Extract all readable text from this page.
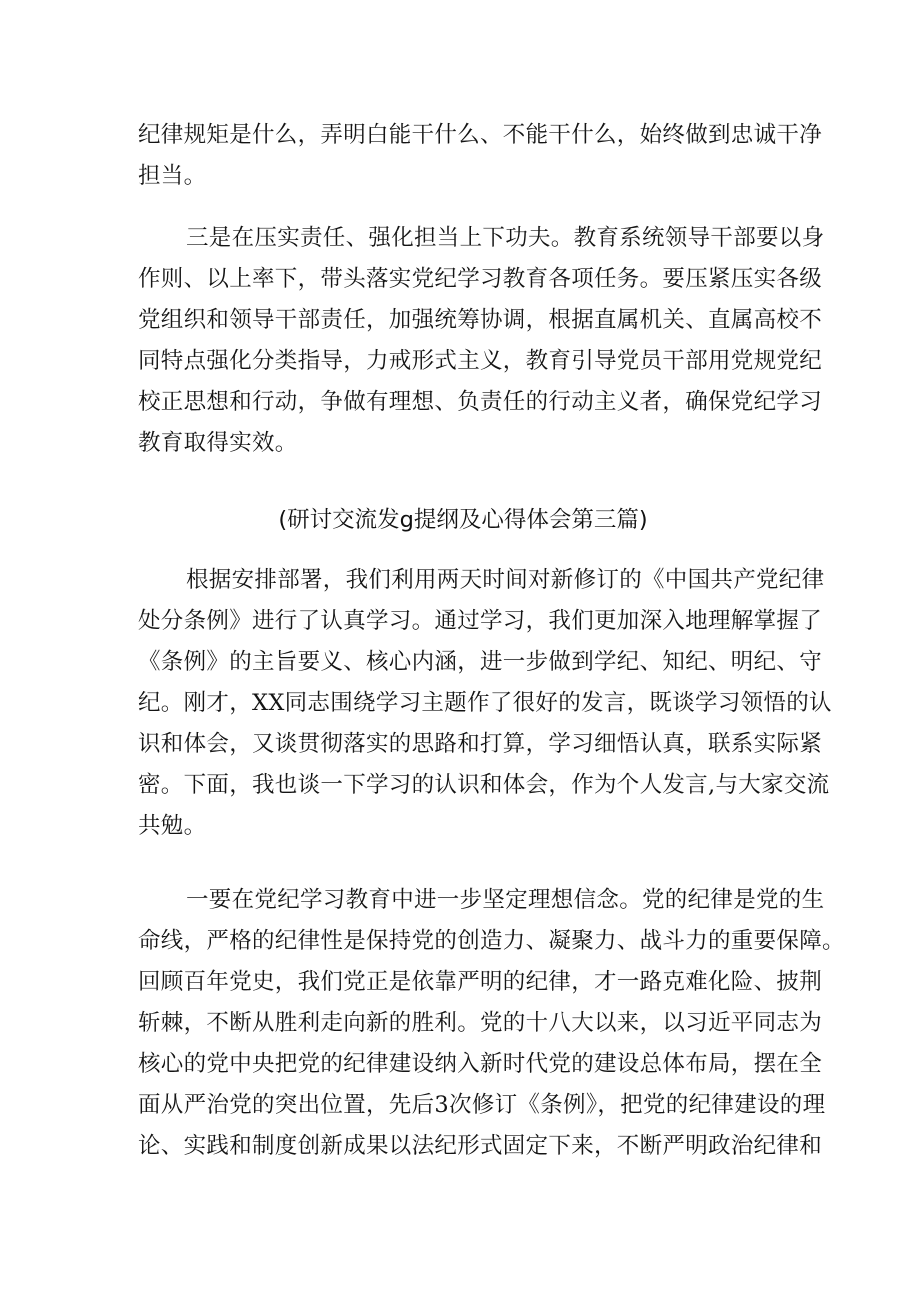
纪律规矩是什么，弄明白能干什么、不能干什么，始终做到忠诚干净
担当。
三是在压实责任、强化担当上下功夫。教育系统领导干部要以身
作则、以上率下，带头落实党纪学习教育各项任务。要压紧压实各级
党组织和领导干部责任，加强统筹协调，根据直属机关、直属高校不
同特点强化分类指导，力戒形式主义，教育引导党员干部用党规党纪
校正思想和行动，争做有理想、负责任的行动主义者，确保党纪学习
教育取得实效。
(研讨交流发g提纲及心得体会第三篇)
根据安排部署，我们利用两天时间对新修订的《中国共产党纪律
处分条例》进行了认真学习。通过学习，我们更加深入地理解掌握了
《条例》的主旨要义、核心内涵，进一步做到学纪、知纪、明纪、守
纪。刚才，XX同志围绕学习主题作了很好的发言，既谈学习领悟的认
识和体会，又谈贯彻落实的思路和打算，学习细悟认真，联系实际紧
密。下面，我也谈一下学习的认识和体会，作为个人发言,与大家交流
共勉。
一要在党纪学习教育中进一步坚定理想信念。党的纪律是党的生
命线，严格的纪律性是保持党的创造力、凝聚力、战斗力的重要保障。
回顾百年党史，我们党正是依靠严明的纪律，才一路克难化险、披荆
斩棘，不断从胜利走向新的胜利。党的十八大以来，以习近平同志为
核心的党中央把党的纪律建设纳入新时代党的建设总体布局，摆在全
面从严治党的突出位置，先后3次修订《条例》，把党的纪律建设的理
论、实践和制度创新成果以法纪形式固定下来，不断严明政治纪律和
